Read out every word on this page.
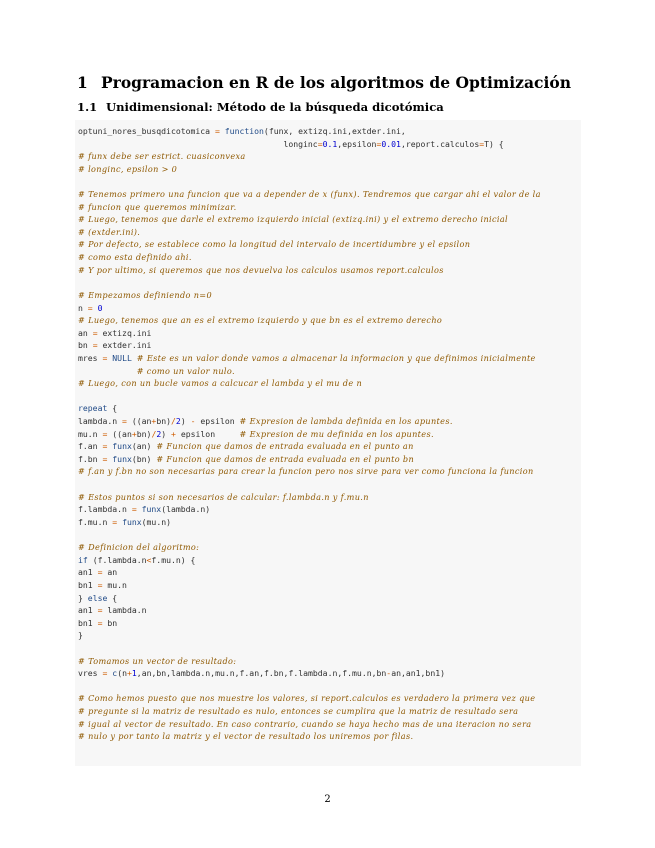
1 Programacion en R de los algoritmos de Optimización
1.1 Unidimensional: Método de la búsqueda dicotómica
optuni_nores_busqdicotomica = function(funx, extizq.ini,extder.ini,
longinc=0.1,epsilon=0.01,report.calculos=T) {
# funx debe ser estrict. cuasiconvexa
# longinc, epsilon > 0

# Tenemos primero una funcion que va a depender de x (funx). Tendremos que cargar ahi el valor de la
# funcion que queremos minimizar.
# Luego, tenemos que darle el extremo izquierdo inicial (extizq.ini) y el extremo derecho inicial
# (extder.ini).
# Por defecto, se establece como la longitud del intervalo de incertidumbre y el epsilon
# como esta definido ahi.
# Y por ultimo, si queremos que nos devuelva los calculos usamos report.calculos

# Empezamos definiendo n=0
n = 0
# Luego, tenemos que an es el extremo izquierdo y que bn es el extremo derecho
an = extizq.ini
bn = extder.ini
mres = NULL # Este es un valor donde vamos a almacenar la informacion y que definimos inicialmente
# como un valor nulo.
# Luego, con un bucle vamos a calcucar el lambda y el mu de n

repeat {
lambda.n = ((an+bn)/2) - epsilon # Expresion de lambda definida en los apuntes.
mu.n = ((an+bn)/2) + epsilon     # Expresion de mu definida en los apuntes.
f.an = funx(an) # Funcion que damos de entrada evaluada en el punto an
f.bn = funx(bn) # Funcion que damos de entrada evaluada en el punto bn
# f.an y f.bn no son necesarias para crear la funcion pero nos sirve para ver como funciona la funcion

# Estos puntos si son necesarios de calcular: f.lambda.n y f.mu.n
f.lambda.n = funx(lambda.n)
f.mu.n = funx(mu.n)

# Definicion del algoritmo:
if (f.lambda.n<f.mu.n) {
an1 = an
bn1 = mu.n
} else {
an1 = lambda.n
bn1 = bn
}

# Tomamos un vector de resultado:
vres = c(n+1,an,bn,lambda.n,mu.n,f.an,f.bn,f.lambda.n,f.mu.n,bn-an,an1,bn1)

# Como hemos puesto que nos muestre los valores, si report.calculos es verdadero la primera vez que
# pregunte si la matriz de resultado es nulo, entonces se cumplira que la matriz de resultado sera
# igual al vector de resultado. En caso contrario, cuando se haya hecho mas de una iteracion no sera
# nulo y por tanto la matriz y el vector de resultado los uniremos por filas.
2
